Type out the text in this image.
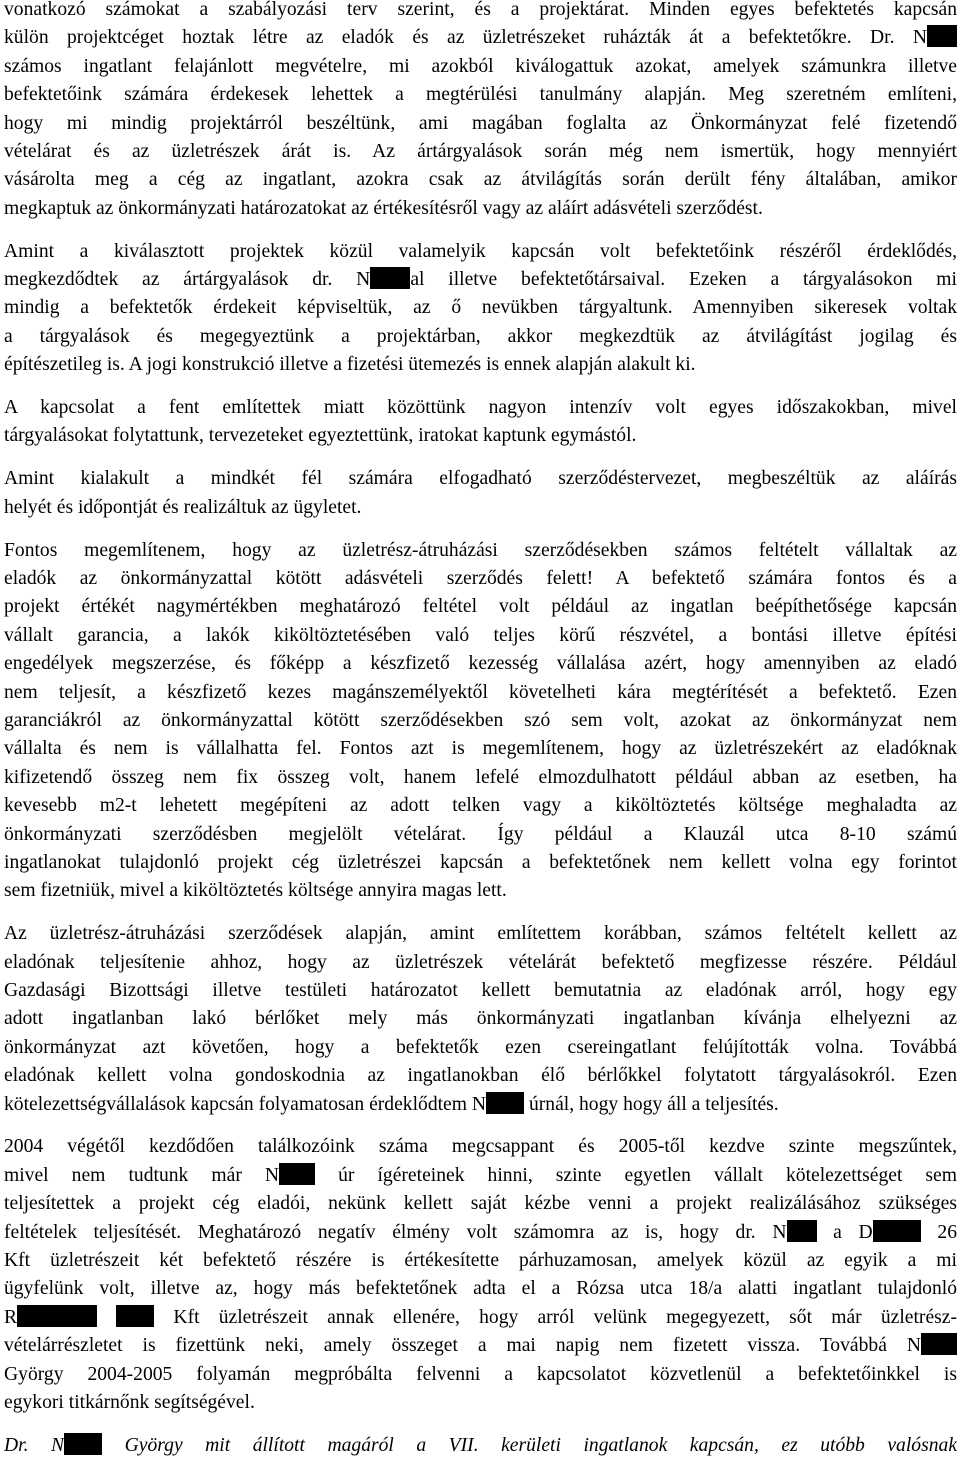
vonatkozó számokat a szabályozási terv szerint, és a projektárat. Minden egyes befektetés kapcsán
külön projektcéget hoztak létre az eladók és az üzletrészeket ruházták át a befektetőkre. Dr. N
számos ingatlant felajánlott megvételre, mi azokból kiválogattuk azokat, amelyek számunkra illetve
befektetőink számára érdekesek lehettek a megtérülési tanulmány alapján. Meg szeretném említeni,
hogy mi mindig projektárról beszéltünk, ami magában foglalta az Önkormányzat felé fizetendő
vételárat és az üzletrészek árát is. Az ártárgyalások során még nem ismertük, hogy mennyiért
vásárolta meg a cég az ingatlant, azokra csak az átvilágítás során derült fény általában, amikor
megkaptuk az önkormányzati határozatokat az értékesítésről vagy az aláírt adásvételi szerződést.
Amint a kiválasztott projektek közül valamelyik kapcsán volt befektetőink részéről érdeklődés,
megkezdődtek az ártárgyalások dr. N al illetve befektetőtársaival. Ezeken a tárgyalásokon mi
mindig a befektetők érdekeit képviseltük, az ő nevükben tárgyaltunk. Amennyiben sikeresek voltak
a tárgyalások és megegyeztünk a projektárban, akkor megkezdtük az átvilágítást jogilag és
építészetileg is. A jogi konstrukció illetve a fizetési ütemezés is ennek alapján alakult ki.
A kapcsolat a fent említettek miatt közöttünk nagyon intenzív volt egyes időszakokban, mivel
tárgyalásokat folytattunk, tervezeteket egyeztettünk, iratokat kaptunk egymástól.
Amint kialakult a mindkét fél számára elfogadható szerződéstervezet, megbeszéltük az aláírás
helyét és időpontját és realizáltuk az ügyletet.
Fontos megemlítenem, hogy az üzletrész-átruházási szerződésekben számos feltételt vállaltak az
eladók az önkormányzattal kötött adásvételi szerződés felett! A befektető számára fontos és a
projekt értékét nagymértékben meghatározó feltétel volt például az ingatlan beépíthetősége kapcsán
vállalt garancia, a lakók kiköltöztetésében való teljes körű részvétel, a bontási illetve építési
engedélyek megszerzése, és főképp a készfizető kezesség vállalása azért, hogy amennyiben az eladó
nem teljesít, a készfizető kezes magánszemélyektől követelheti kára megtérítését a befektető. Ezen
garanciákról az önkormányzattal kötött szerződésekben szó sem volt, azokat az önkormányzat nem
vállalta és nem is vállalhatta fel. Fontos azt is megemlítenem, hogy az üzletrészekért az eladóknak
kifizetendő összeg nem fix összeg volt, hanem lefelé elmozdulhatott például abban az esetben, ha
kevesebb m2-t lehetett megépíteni az adott telken vagy a kiköltöztetés költsége meghaladta az
önkormányzati szerződésben megjelölt vételárat. Így például a Klauzál utca 8-10 számú
ingatlanokat tulajdonló projekt cég üzletrészei kapcsán a befektetőnek nem kellett volna egy forintot
sem fizetniük, mivel a kiköltöztetés költsége annyira magas lett.
Az üzletrész-átruházási szerződések alapján, amint említettem korábban, számos feltételt kellett az
eladónak teljesítenie ahhoz, hogy az üzletrészek vételárát befektető megfizesse részére. Például
Gazdasági Bizottsági illetve testületi határozatot kellett bemutatnia az eladónak arról, hogy egy
adott ingatlanban lakó bérlőket mely más önkormányzati ingatlanban kívánja elhelyezni az
önkormányzat azt követően, hogy a befektetők ezen csereingatlant felújították volna. Továbbá
eladónak kellett volna gondoskodnia az ingatlanokban élő bérlőkkel folytatott tárgyalásokról. Ezen
kötelezettségvállalások kapcsán folyamatosan érdeklődtem N úrnál, hogy hogy áll a teljesítés.
2004 végétől kezdődően találkozóink száma megcsappant és 2005-től kezdve szinte megszűntek,
mivel nem tudtunk már N úr ígéreteinek hinni, szinte egyetlen vállalt kötelezettséget sem
teljesítettek a projekt cég eladói, nekünk kellett saját kézbe venni a projekt realizálásához szükséges
feltételek teljesítését. Meghatározó negatív élmény volt számomra az is, hogy dr. N a D 26
Kft üzletrészeit két befektető részére is értékesítette párhuzamosan, amelyek közül az egyik a mi
ügyfelünk volt, illetve az, hogy más befektetőnek adta el a Rózsa utca 18/a alatti ingatlant tulajdonló
R	Kft üzletrészeit annak ellenére, hogy arról velünk megegyezett, sőt már üzletrész-
vételárrészletet is fizettünk neki, amely összeget a mai napig nem fizetett vissza. Továbbá N
György 2004-2005 folyamán megpróbálta felvenni a kapcsolatot közvetlenül a befektetőinkkel is
egykori titkárnőnk segítségével.
Dr. N György mit állított magáról a VII. kerületi ingatlanok kapcsán, ez utóbb valósnak
